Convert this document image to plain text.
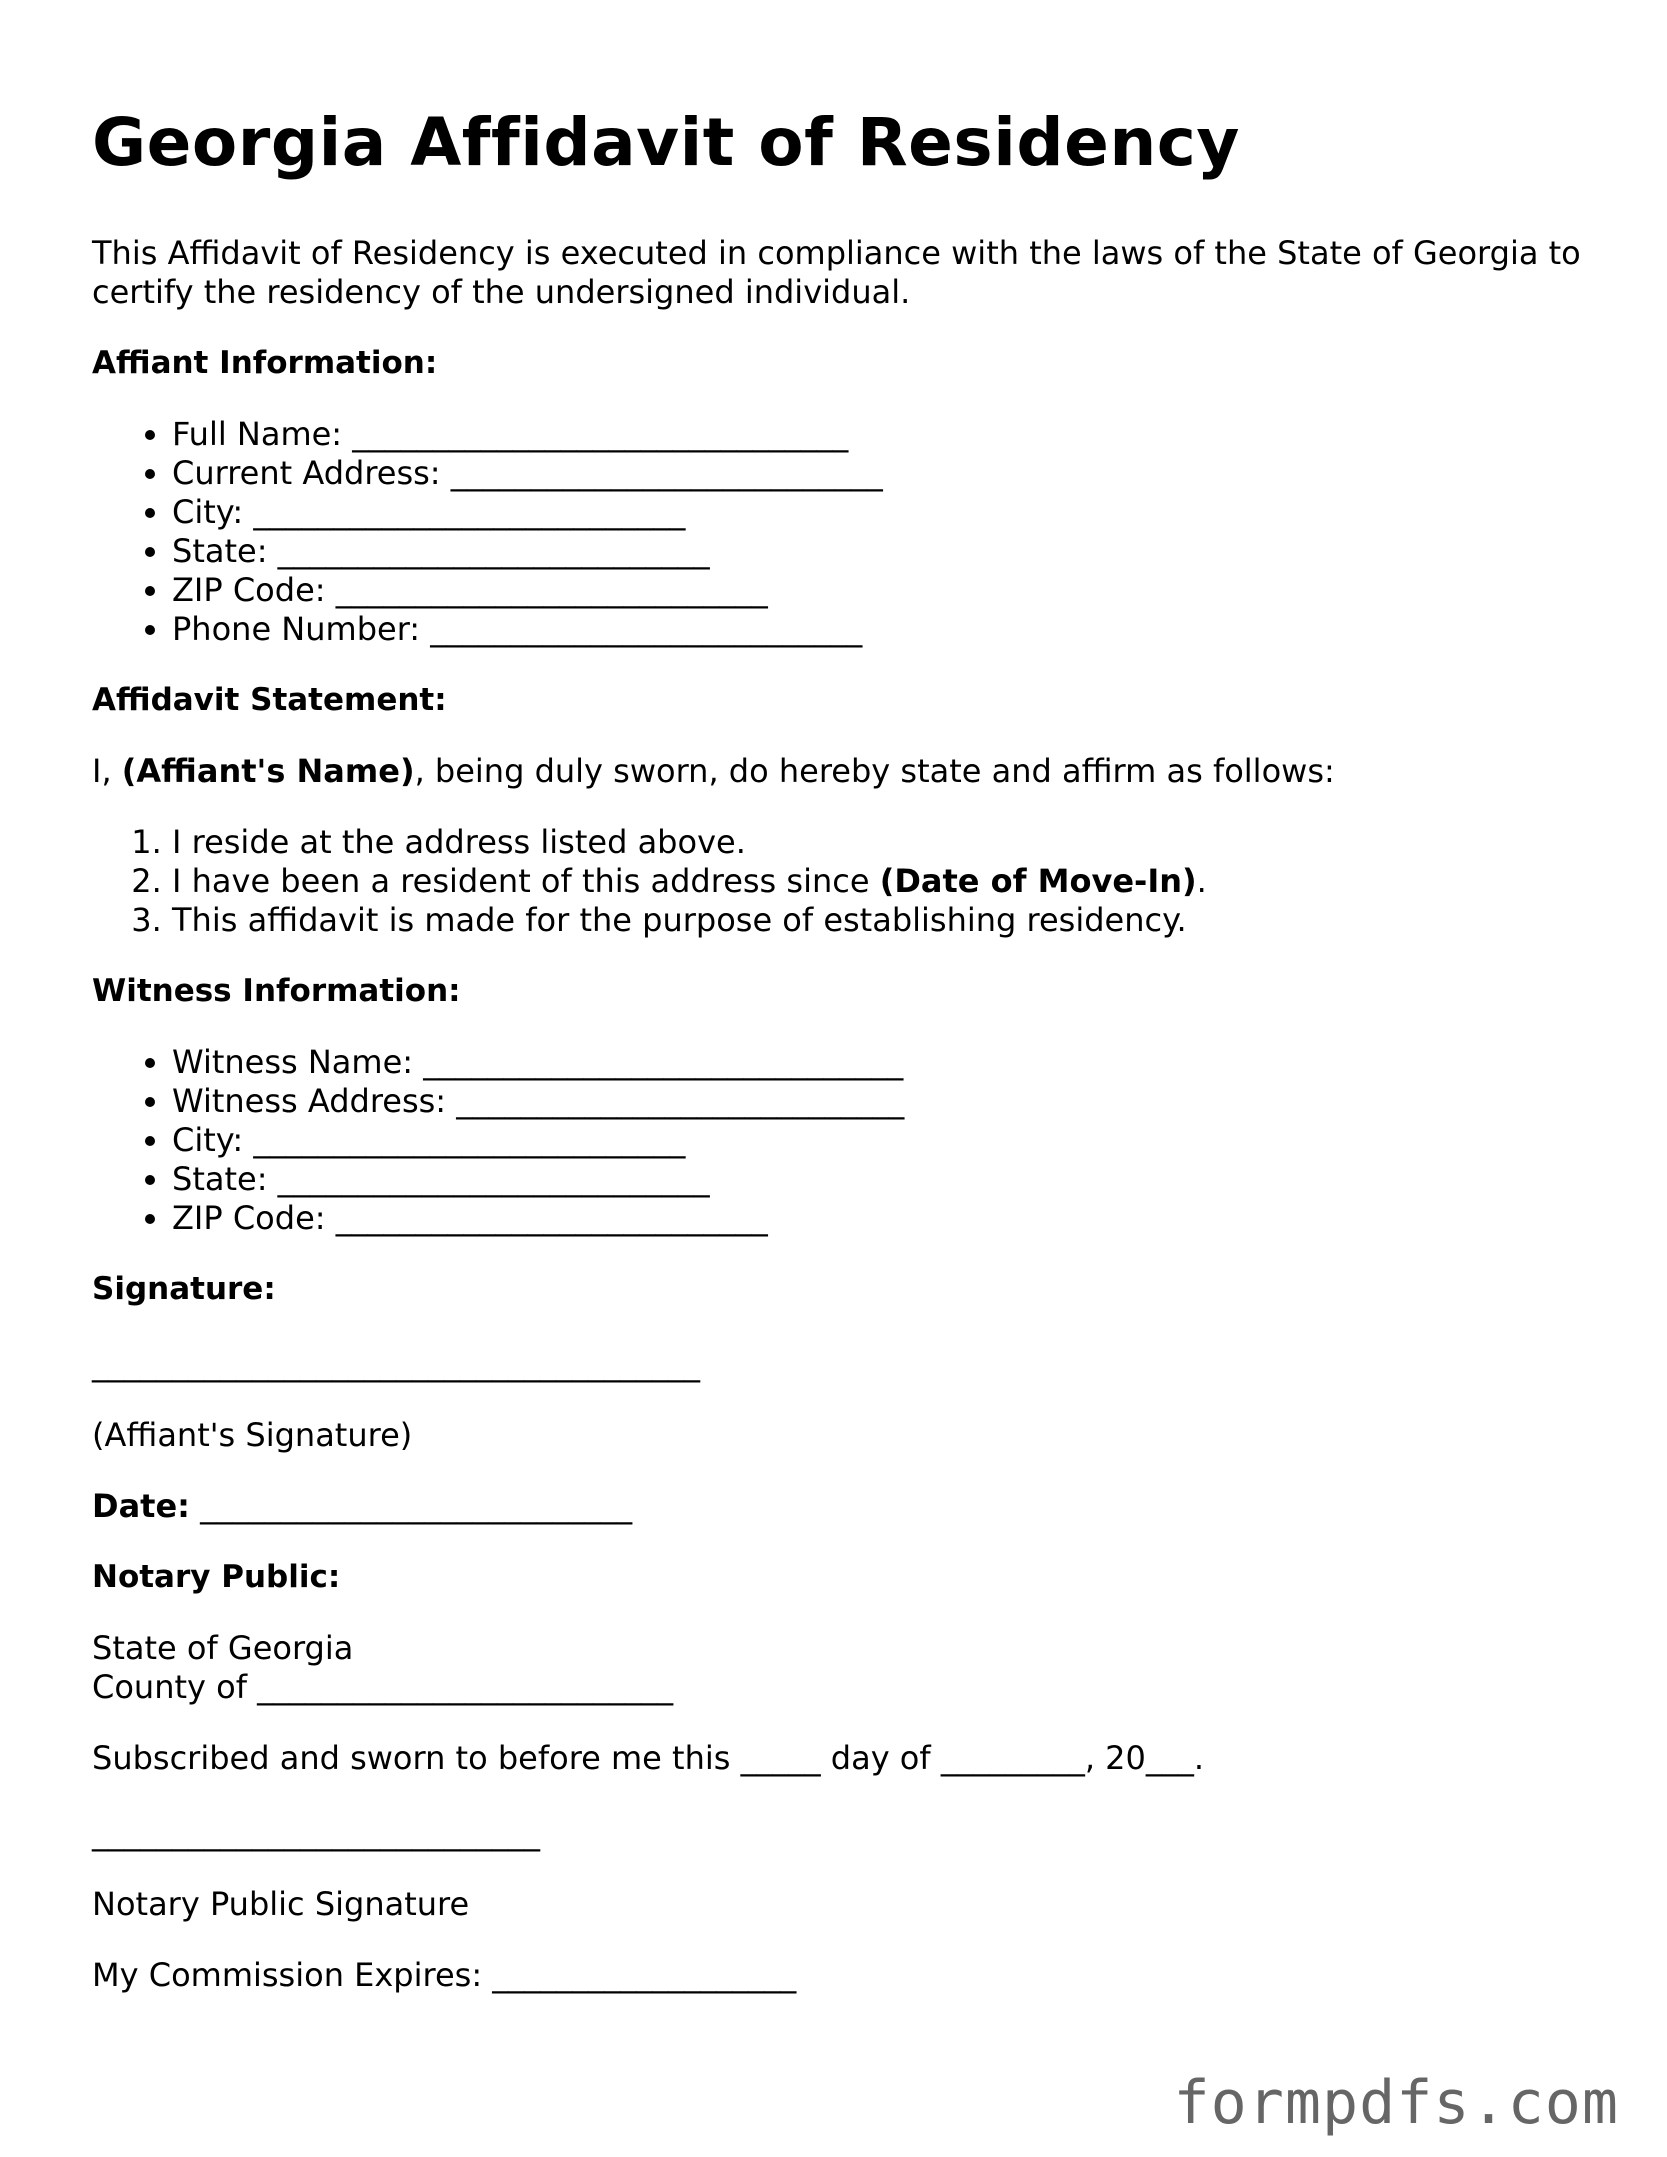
Georgia Affidavit of Residency

This Affidavit of Residency is executed in compliance with the laws of the State of Georgia to certify the residency of the undersigned individual.

Affiant Information:

• Full Name: _______________________________
• Current Address: ___________________________
• City: ___________________________
• State: ___________________________
• ZIP Code: ___________________________
• Phone Number: ___________________________

Affidavit Statement:

I, (Affiant's Name), being duly sworn, do hereby state and affirm as follows:

1. I reside at the address listed above.
2. I have been a resident of this address since (Date of Move-In).
3. This affidavit is made for the purpose of establishing residency.

Witness Information:

• Witness Name: ______________________________
• Witness Address: ____________________________
• City: ___________________________
• State: ___________________________
• ZIP Code: ___________________________

Signature:

______________________________________

(Affiant's Signature)

Date: ___________________________

Notary Public:

State of Georgia

County of __________________________

Subscribed and sworn to before me this _____ day of _________, 20___.

____________________________

Notary Public Signature

My Commission Expires: ___________________

formpdfs.com
